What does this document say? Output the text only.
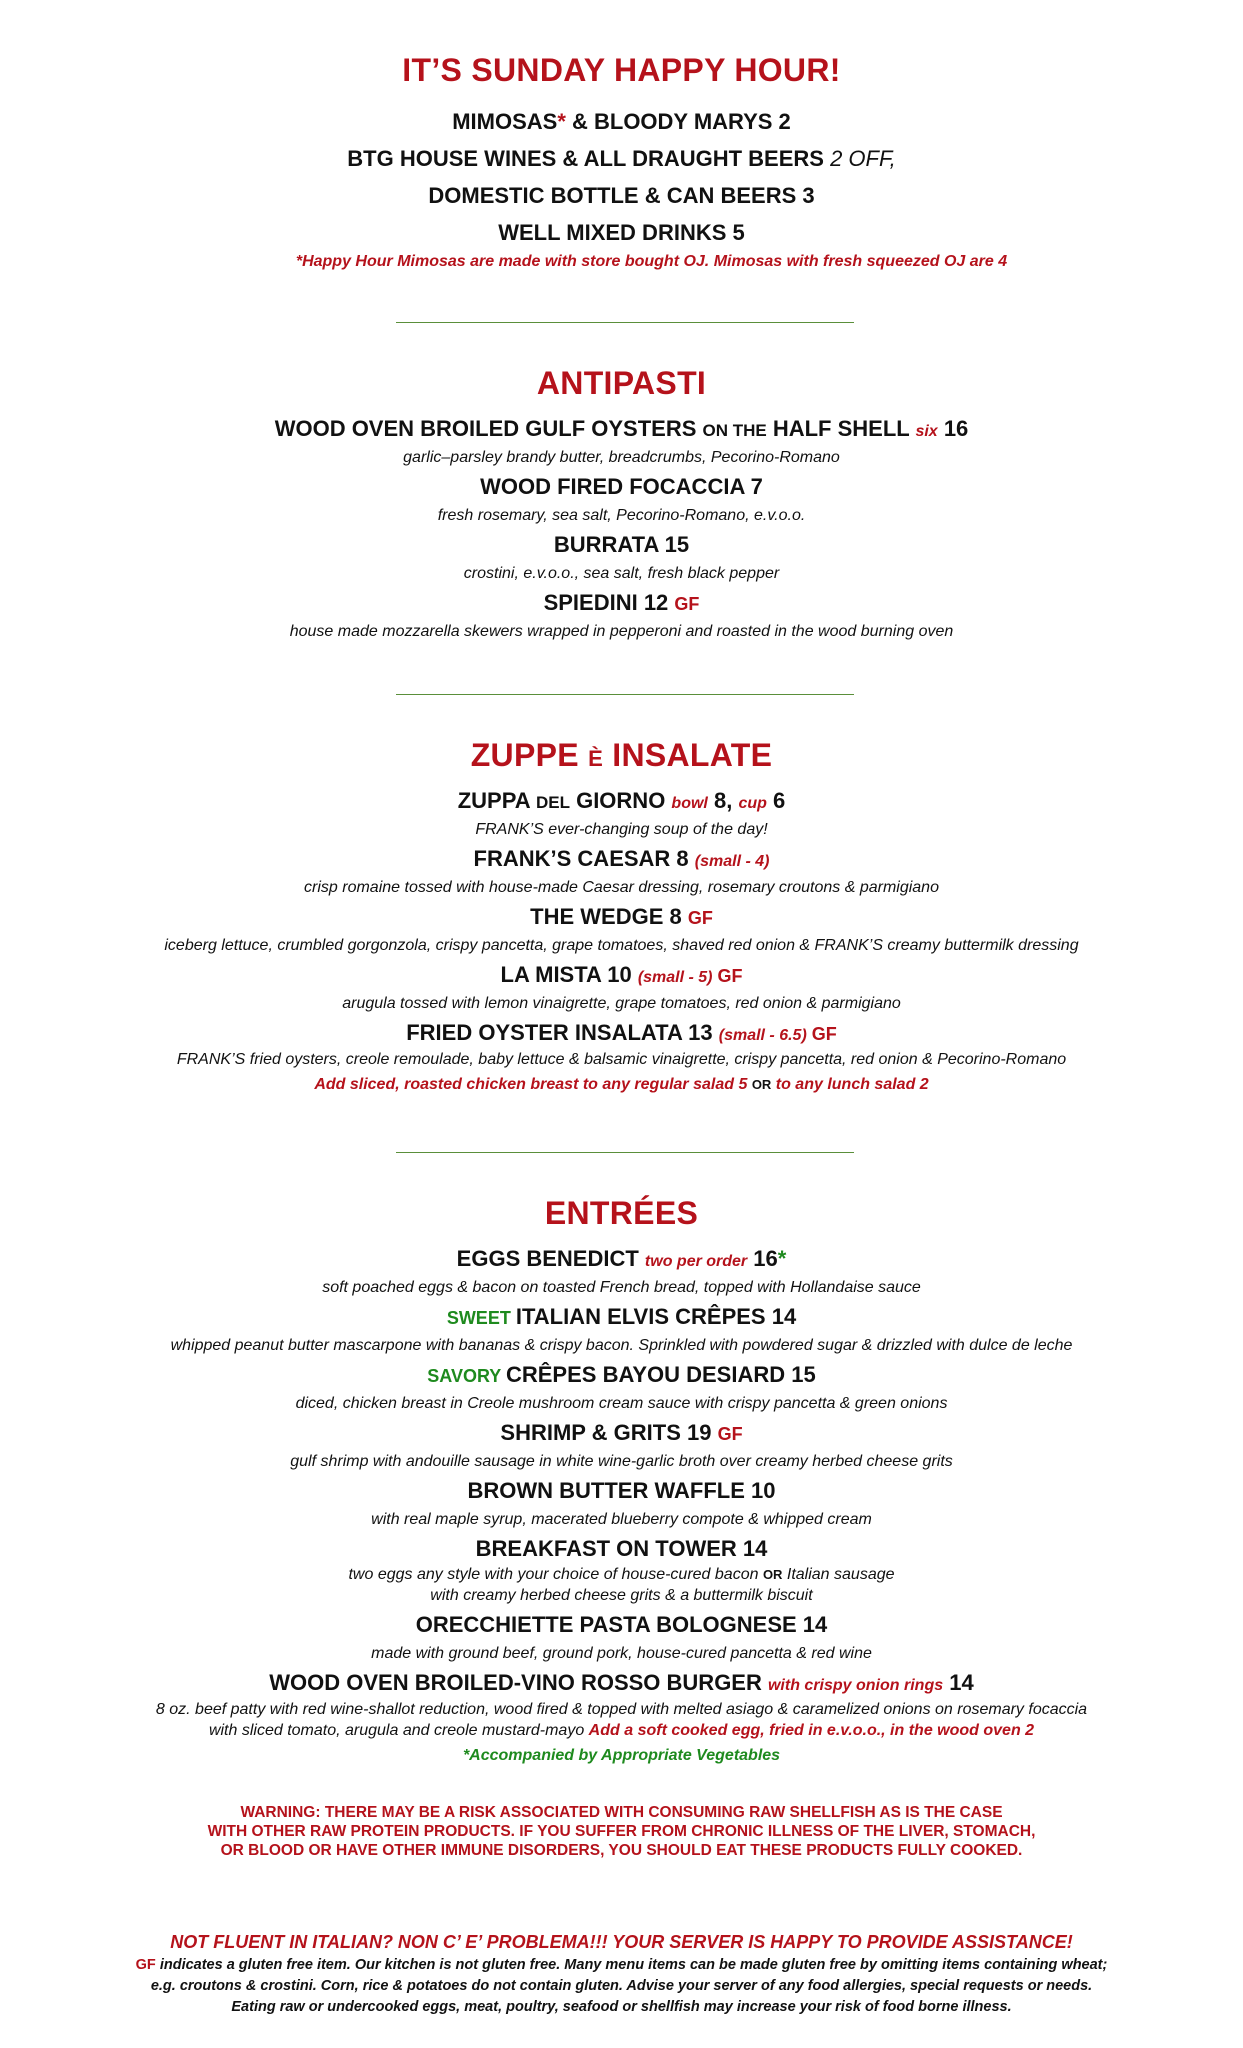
IT’S SUNDAY HAPPY HOUR!

MIMOSAS* & BLOODY MARYS 2

BTG HOUSE WINES & ALL DRAUGHT BEERS 2 OFF,

DOMESTIC BOTTLE & CAN BEERS 3

WELL MIXED DRINKS 5

*Happy Hour Mimosas are made with store bought OJ. Mimosas with fresh squeezed OJ are 4
ANTIPASTI

WOOD OVEN BROILED GULF OYSTERS ON THE HALF SHELL six 16

garlic–parsley brandy butter, breadcrumbs, Pecorino-Romano

WOOD FIRED FOCACCIA 7

fresh rosemary, sea salt, Pecorino-Romano, e.v.o.o.

BURRATA 15

crostini, e.v.o.o., sea salt, fresh black pepper

SPIEDINI 12 GF

house made mozzarella skewers wrapped in pepperoni and roasted in the wood burning oven

ZUPPE È INSALATE

ZUPPA DEL GIORNO bowl 8, cup 6

FRANK’S ever-changing soup of the day!

FRANK’S CAESAR 8 (small - 4)

crisp romaine tossed with house-made Caesar dressing, rosemary croutons & parmigiano

THE WEDGE 8 GF

iceberg lettuce, crumbled gorgonzola, crispy pancetta, grape tomatoes, shaved red onion & FRANK’S creamy buttermilk dressing

LA MISTA 10 (small - 5) GF

arugula tossed with lemon vinaigrette, grape tomatoes, red onion & parmigiano

FRIED OYSTER INSALATA 13 (small - 6.5) GF

FRANK’S fried oysters, creole remoulade, baby lettuce & balsamic vinaigrette, crispy pancetta, red onion & Pecorino-Romano

Add sliced, roasted chicken breast to any regular salad 5 OR to any lunch salad 2

ENTRÉES

EGGS BENEDICT two per order 16*

soft poached eggs & bacon on toasted French bread, topped with Hollandaise sauce

SWEET ITALIAN ELVIS CRÊPES 14

whipped peanut butter mascarpone with bananas & crispy bacon. Sprinkled with powdered sugar & drizzled with dulce de leche

SAVORY CRÊPES BAYOU DESIARD 15

diced, chicken breast in Creole mushroom cream sauce with crispy pancetta & green onions

SHRIMP & GRITS 19 GF

gulf shrimp with andouille sausage in white wine-garlic broth over creamy herbed cheese grits

BROWN BUTTER WAFFLE 10

with real maple syrup, macerated blueberry compote & whipped cream

BREAKFAST ON TOWER 14

two eggs any style with your choice of house-cured bacon OR Italian sausage

with creamy herbed cheese grits & a buttermilk biscuit

ORECCHIETTE PASTA BOLOGNESE 14

made with ground beef, ground pork, house-cured pancetta & red wine

WOOD OVEN BROILED-VINO ROSSO BURGER with crispy onion rings 14

8 oz. beef patty with red wine-shallot reduction, wood fired & topped with melted asiago & caramelized onions on rosemary focaccia

with sliced tomato, arugula and creole mustard-mayo Add a soft cooked egg, fried in e.v.o.o., in the wood oven 2

*Accompanied by Appropriate Vegetables

WARNING: THERE MAY BE A RISK ASSOCIATED WITH CONSUMING RAW SHELLFISH AS IS THE CASE
WITH OTHER RAW PROTEIN PRODUCTS. IF YOU SUFFER FROM CHRONIC ILLNESS OF THE LIVER, STOMACH,
OR BLOOD OR HAVE OTHER IMMUNE DISORDERS, YOU SHOULD EAT THESE PRODUCTS FULLY COOKED.
NOT FLUENT IN ITALIAN? NON C’ E’ PROBLEMA!!! YOUR SERVER IS HAPPY TO PROVIDE ASSISTANCE!
GF indicates a gluten free item. Our kitchen is not gluten free. Many menu items can be made gluten free by omitting items containing wheat;
e.g. croutons & crostini. Corn, rice & potatoes do not contain gluten. Advise your server of any food allergies, special requests or needs.
Eating raw or undercooked eggs, meat, poultry, seafood or shellfish may increase your risk of food borne illness.
